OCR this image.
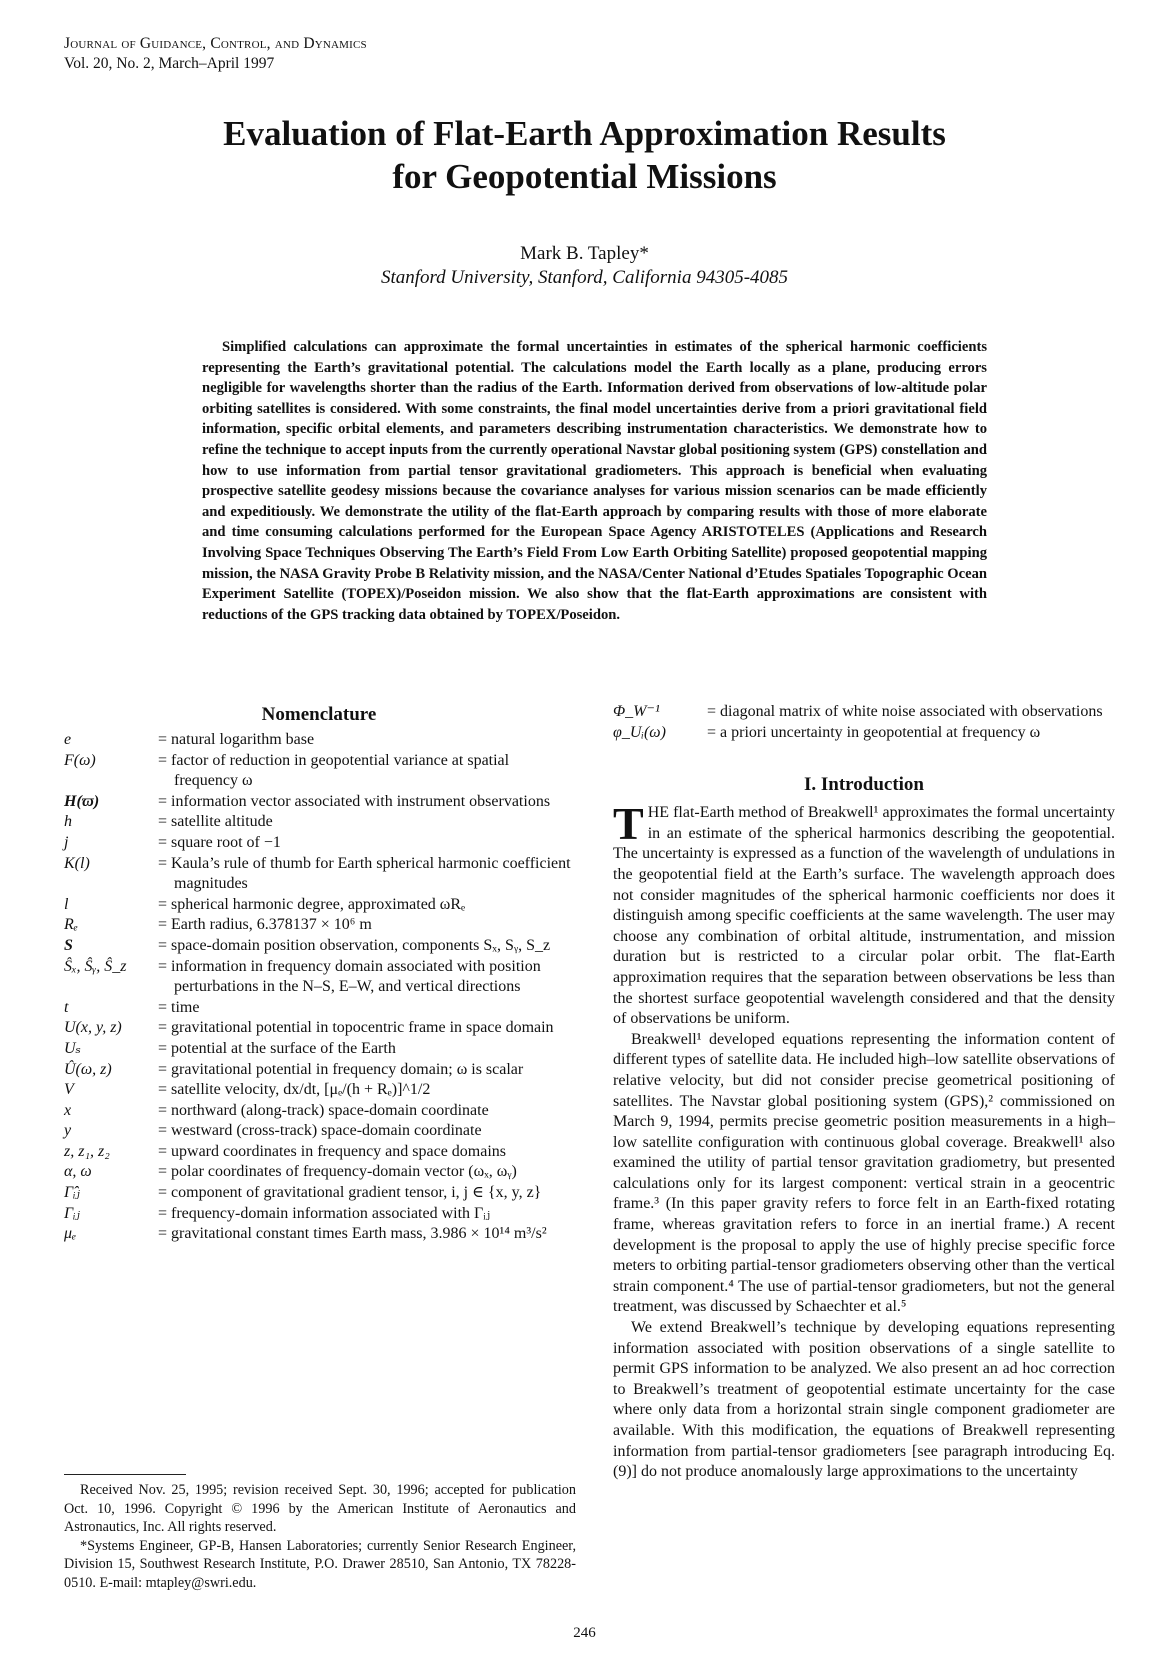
Journal of Guidance, Control, and Dynamics
Vol. 20, No. 2, March–April 1997
Evaluation of Flat-Earth Approximation Results
for Geopotential Missions
Mark B. Tapley*
Stanford University, Stanford, California 94305-4085
Simplified calculations can approximate the formal uncertainties in estimates of the spherical harmonic coefficients representing the Earth’s gravitational potential. The calculations model the Earth locally as a plane, producing errors negligible for wavelengths shorter than the radius of the Earth. Information derived from observations of low-altitude polar orbiting satellites is considered. With some constraints, the final model uncertainties derive from a priori gravitational field information, specific orbital elements, and parameters describing instrumentation characteristics. We demonstrate how to refine the technique to accept inputs from the currently operational Navstar global positioning system (GPS) constellation and how to use information from partial tensor gravitational gradiometers. This approach is beneficial when evaluating prospective satellite geodesy missions because the covariance analyses for various mission scenarios can be made efficiently and expeditiously. We demonstrate the utility of the flat-Earth approach by comparing results with those of more elaborate and time consuming calculations performed for the European Space Agency ARISTOTELES (Applications and Research Involving Space Techniques Observing The Earth’s Field From Low Earth Orbiting Satellite) proposed geopotential mapping mission, the NASA Gravity Probe B Relativity mission, and the NASA/Center National d’Etudes Spatiales Topographic Ocean Experiment Satellite (TOPEX)/Poseidon mission. We also show that the flat-Earth approximations are consistent with reductions of the GPS tracking data obtained by TOPEX/Poseidon.
Nomenclature
e	= natural logarithm base
F(ω)	= factor of reduction in geopotential variance at spatial frequency ω
H(ϖ)	= information vector associated with instrument observations
h	= satellite altitude
j	= square root of −1
K(l)	= Kaula’s rule of thumb for Earth spherical harmonic coefficient magnitudes
l	= spherical harmonic degree, approximated ωRₑ
Rₑ	= Earth radius, 6.378137 × 10⁶ m
S	= space-domain position observation, components Sₓ, Sᵧ, S_z
Ŝₓ, Ŝᵧ, Ŝ_z	= information in frequency domain associated with position perturbations in the N–S, E–W, and vertical directions
t	= time
U(x, y, z)	= gravitational potential in topocentric frame in space domain
Uₛ	= potential at the surface of the Earth
Û(ω, z)	= gravitational potential in frequency domain; ω is scalar
V	= satellite velocity, dx/dt, [μₑ/(h + Rₑ)]^1/2
x	= northward (along-track) space-domain coordinate
y	= westward (cross-track) space-domain coordinate
z, z₁, z₂	= upward coordinates in frequency and space domains
α, ω	= polar coordinates of frequency-domain vector (ωₓ, ωᵧ)
Γ̂ᵢⱼ	= component of gravitational gradient tensor, i, j ∈ {x, y, z}
Γᵢⱼ	= frequency-domain information associated with Γᵢⱼ
μₑ	= gravitational constant times Earth mass, 3.986 × 10¹⁴ m³/s²

Received Nov. 25, 1995; revision received Sept. 30, 1996; accepted for publication Oct. 10, 1996. Copyright © 1996 by the American Institute of Aeronautics and Astronautics, Inc. All rights reserved.

*Systems Engineer, GP-B, Hansen Laboratories; currently Senior Research Engineer, Division 15, Southwest Research Institute, P.O. Drawer 28510, San Antonio, TX 78228-0510. E-mail: mtapley@swri.edu.

Φ_W⁻¹	= diagonal matrix of white noise associated with observations
φ_Uᵢ(ω)	= a priori uncertainty in geopotential at frequency ω
I. Introduction

THE flat-Earth method of Breakwell¹ approximates the formal uncertainty in an estimate of the spherical harmonics describing the geopotential. The uncertainty is expressed as a function of the wavelength of undulations in the geopotential field at the Earth’s surface. The wavelength approach does not consider magnitudes of the spherical harmonic coefficients nor does it distinguish among specific coefficients at the same wavelength. The user may choose any combination of orbital altitude, instrumentation, and mission duration but is restricted to a circular polar orbit. The flat-Earth approximation requires that the separation between observations be less than the shortest surface geopotential wavelength considered and that the density of observations be uniform.

Breakwell¹ developed equations representing the information content of different types of satellite data. He included high–low satellite observations of relative velocity, but did not consider precise geometrical positioning of satellites. The Navstar global positioning system (GPS),² commissioned on March 9, 1994, permits precise geometric position measurements in a high–low satellite configuration with continuous global coverage. Breakwell¹ also examined the utility of partial tensor gravitation gradiometry, but presented calculations only for its largest component: vertical strain in a geocentric frame.³ (In this paper gravity refers to force felt in an Earth-fixed rotating frame, whereas gravitation refers to force in an inertial frame.) A recent development is the proposal to apply the use of highly precise specific force meters to orbiting partial-tensor gradiometers observing other than the vertical strain component.⁴ The use of partial-tensor gradiometers, but not the general treatment, was discussed by Schaechter et al.⁵

We extend Breakwell’s technique by developing equations representing information associated with position observations of a single satellite to permit GPS information to be analyzed. We also present an ad hoc correction to Breakwell’s treatment of geopotential estimate uncertainty for the case where only data from a horizontal strain single component gradiometer are available. With this modification, the equations of Breakwell representing information from partial-tensor gradiometers [see paragraph introducing Eq. (9)] do not produce anomalously large approximations to the uncertainty

246
